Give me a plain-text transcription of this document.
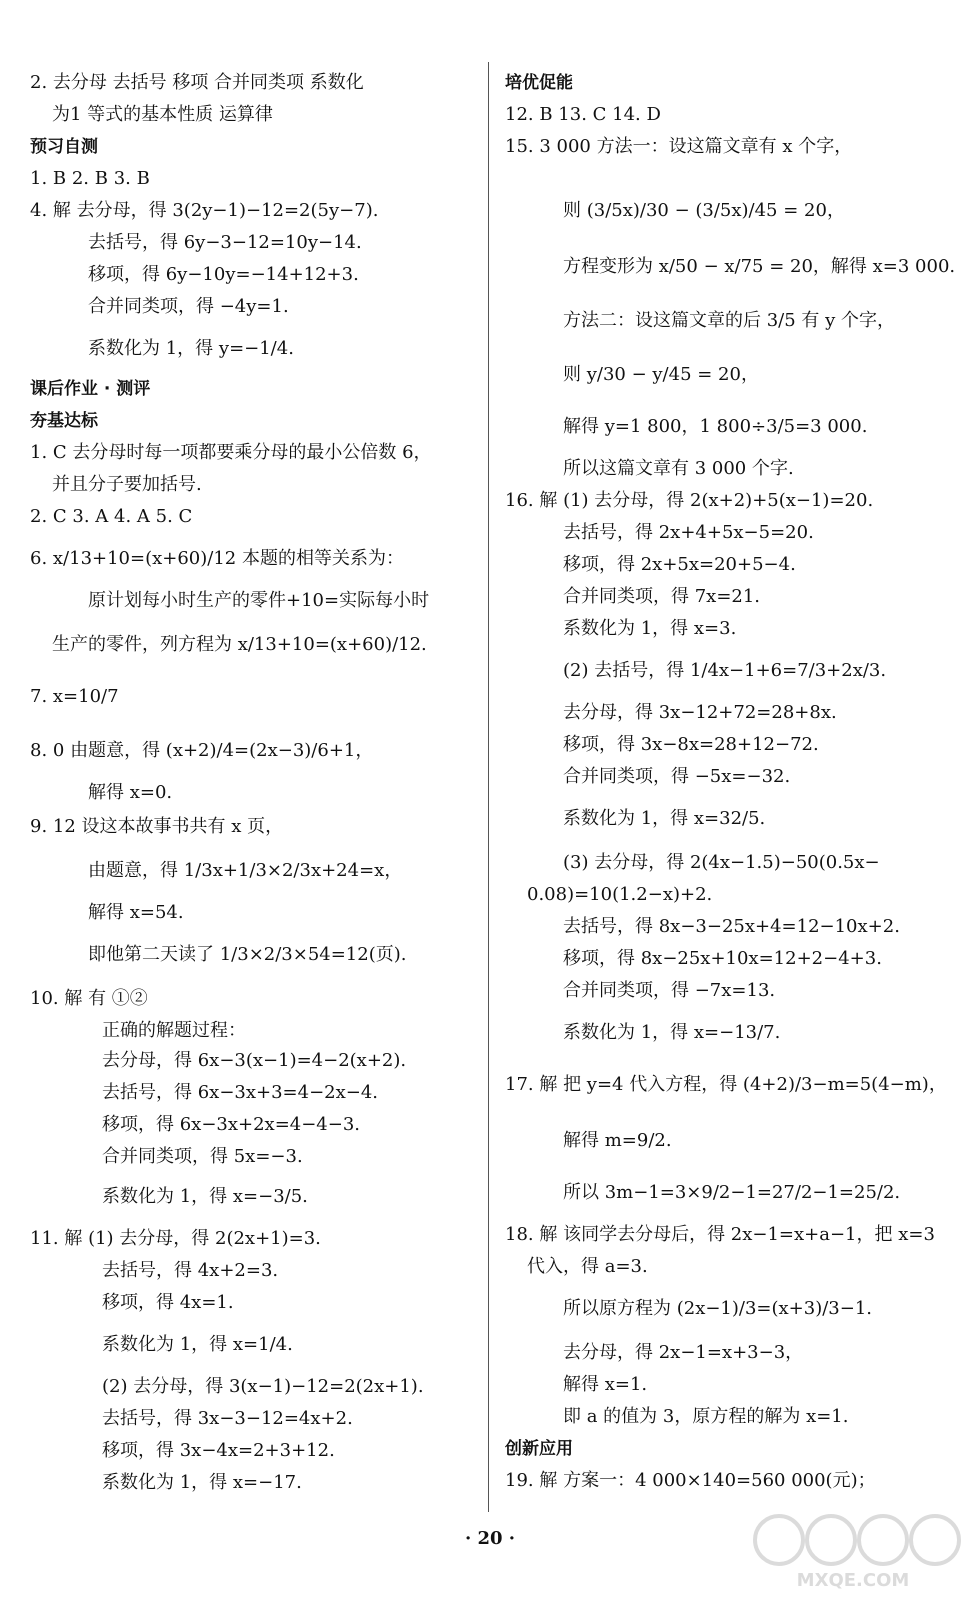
2. 去分母 去括号 移项 合并同类项 系数化
为1 等式的基本性质 运算律
预习自测
1. B 2. B 3. B
4. 解 去分母，得 3(2y−1)−12=2(5y−7).
去括号，得 6y−3−12=10y−14.
移项，得 6y−10y=−14+12+3.
合并同类项，得 −4y=1.
系数化为 1，得 y=−1/4.
课后作业 · 测评
夯基达标
1. C 去分母时每一项都要乘分母的最小公倍数 6，
并且分子要加括号.
2. C 3. A 4. A 5. C
6. x/13+10=(x+60)/12 本题的相等关系为：
原计划每小时生产的零件+10=实际每小时
生产的零件，列方程为 x/13+10=(x+60)/12.
7. x=10/7
8. 0 由题意，得 (x+2)/4=(2x−3)/6+1，
解得 x=0.
9. 12 设这本故事书共有 x 页，
由题意，得 1/3x+1/3×2/3x+24=x，
解得 x=54.
即他第二天读了 1/3×2/3×54=12(页).
10. 解 有 ①②
正确的解题过程：
去分母，得 6x−3(x−1)=4−2(x+2).
去括号，得 6x−3x+3=4−2x−4.
移项，得 6x−3x+2x=4−4−3.
合并同类项，得 5x=−3.
系数化为 1，得 x=−3/5.
11. 解 (1) 去分母，得 2(2x+1)=3.
去括号，得 4x+2=3.
移项，得 4x=1.
系数化为 1，得 x=1/4.
(2) 去分母，得 3(x−1)−12=2(2x+1).
去括号，得 3x−3−12=4x+2.
移项，得 3x−4x=2+3+12.
系数化为 1，得 x=−17.
培优促能
12. B 13. C 14. D
15. 3 000 方法一：设这篇文章有 x 个字，
则 (3/5x)/30 − (3/5x)/45 = 20，
方程变形为 x/50 − x/75 = 20，解得 x=3 000.
方法二：设这篇文章的后 3/5 有 y 个字，
则 y/30 − y/45 = 20，
解得 y=1 800，1 800÷3/5=3 000.
所以这篇文章有 3 000 个字.
16. 解 (1) 去分母，得 2(x+2)+5(x−1)=20.
去括号，得 2x+4+5x−5=20.
移项，得 2x+5x=20+5−4.
合并同类项，得 7x=21.
系数化为 1，得 x=3.
(2) 去括号，得 1/4x−1+6=7/3+2x/3.
去分母，得 3x−12+72=28+8x.
移项，得 3x−8x=28+12−72.
合并同类项，得 −5x=−32.
系数化为 1，得 x=32/5.
(3) 去分母，得 2(4x−1.5)−50(0.5x−
0.08)=10(1.2−x)+2.
去括号，得 8x−3−25x+4=12−10x+2.
移项，得 8x−25x+10x=12+2−4+3.
合并同类项，得 −7x=13.
系数化为 1，得 x=−13/7.
17. 解 把 y=4 代入方程，得 (4+2)/3−m=5(4−m)，
解得 m=9/2.
所以 3m−1=3×9/2−1=27/2−1=25/2.
18. 解 该同学去分母后，得 2x−1=x+a−1，把 x=3
代入，得 a=3.
所以原方程为 (2x−1)/3=(x+3)/3−1.
去分母，得 2x−1=x+3−3，
解得 x=1.
即 a 的值为 3，原方程的解为 x=1.
创新应用
19. 解 方案一：4 000×140=560 000(元)；
· 20 ·
MXQE.COM
